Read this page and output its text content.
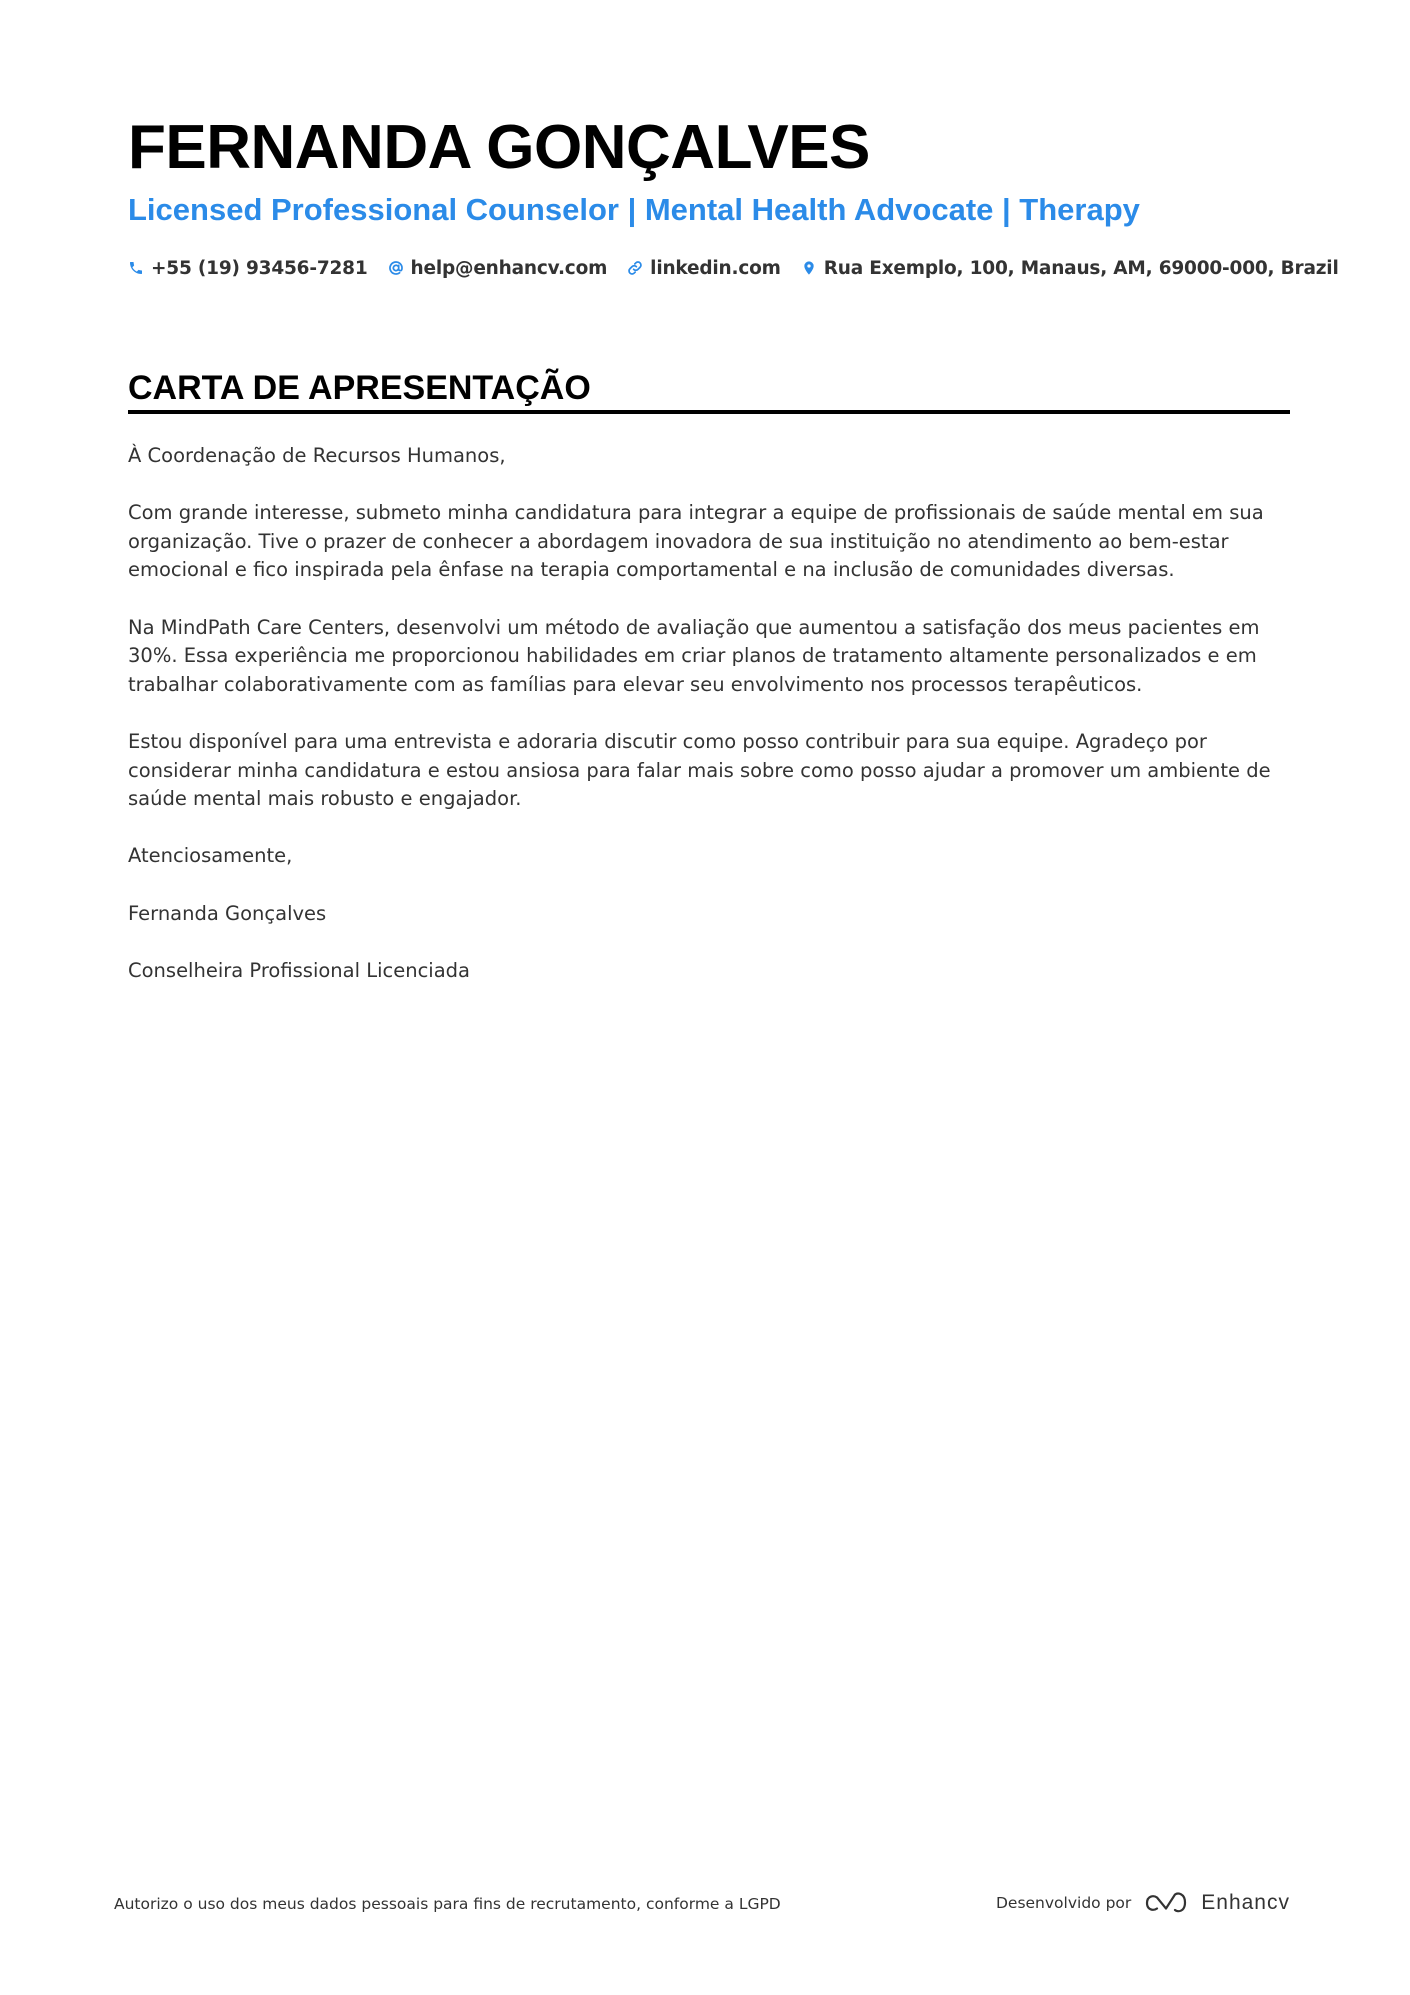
FERNANDA GONÇALVES
Licensed Professional Counselor | Mental Health Advocate | Therapy
+55 (19) 93456-7281 help@enhancv.com linkedin.com Rua Exemplo, 100, Manaus, AM, 69000-000, Brazil
CARTA DE APRESENTAÇÃO

À Coordenação de Recursos Humanos,

Com grande interesse, submeto minha candidatura para integrar a equipe de profissionais de saúde mental em sua organização. Tive o prazer de conhecer a abordagem inovadora de sua instituição no atendimento ao bem-estar emocional e fico inspirada pela ênfase na terapia comportamental e na inclusão de comunidades diversas.

Na MindPath Care Centers, desenvolvi um método de avaliação que aumentou a satisfação dos meus pacientes em 30%. Essa experiência me proporcionou habilidades em criar planos de tratamento altamente personalizados e em trabalhar colaborativamente com as famílias para elevar seu envolvimento nos processos terapêuticos.

Estou disponível para uma entrevista e adoraria discutir como posso contribuir para sua equipe. Agradeço por considerar minha candidatura e estou ansiosa para falar mais sobre como posso ajudar a promover um ambiente de saúde mental mais robusto e engajador.

Atenciosamente,

Fernanda Gonçalves

Conselheira Profissional Licenciada

Autorizo o uso dos meus dados pessoais para fins de recrutamento, conforme a LGPD	Desenvolvido por	Enhancv
